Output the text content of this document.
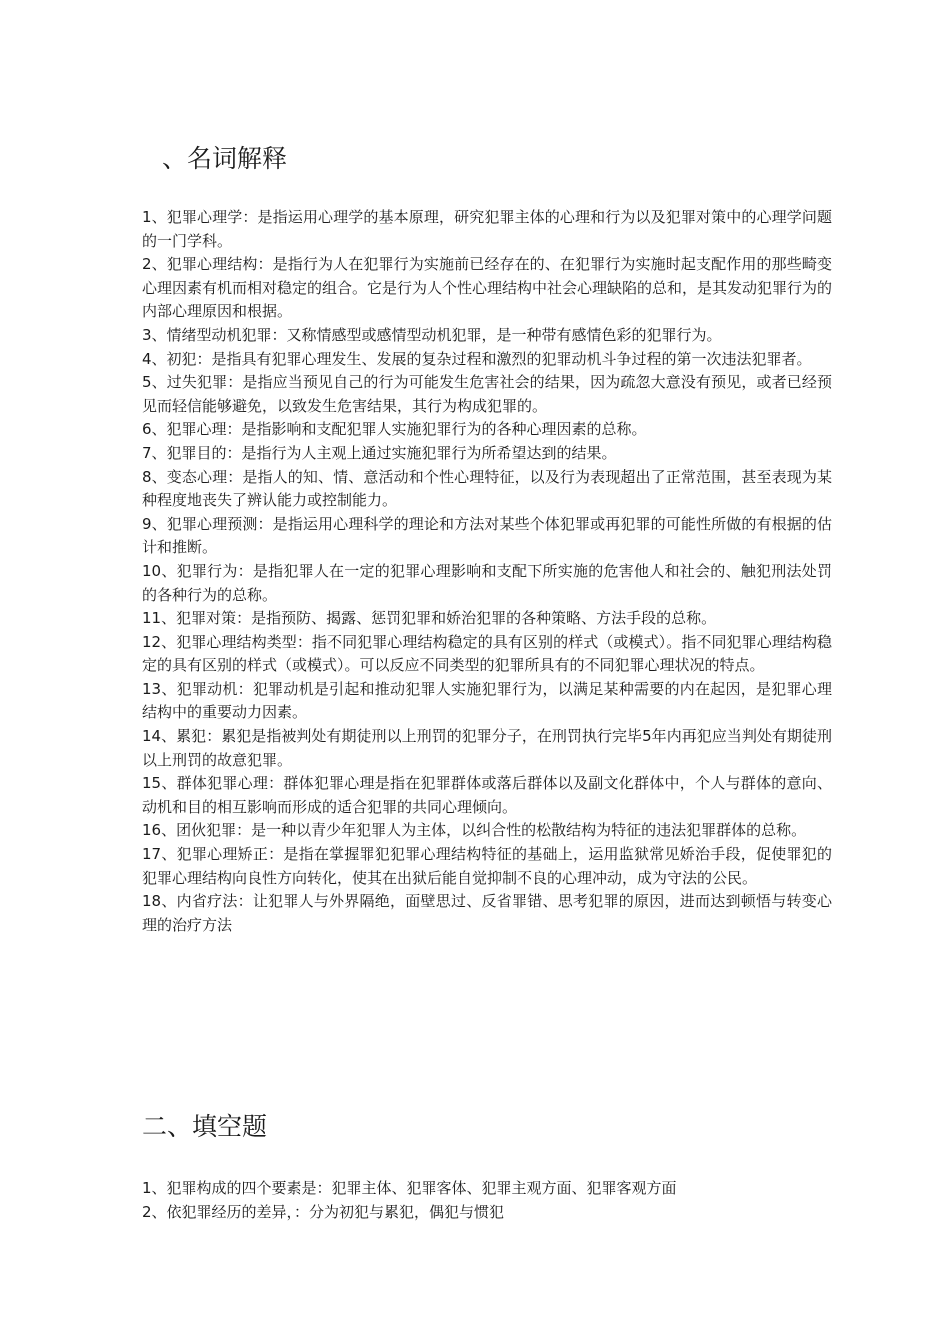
、名词解释

1、犯罪心理学：是指运用心理学的基本原理，研究犯罪主体的心理和行为以及犯罪对策中的心理学问题的一门学科。

2、犯罪心理结构：是指行为人在犯罪行为实施前已经存在的、在犯罪行为实施时起支配作用的那些畸变心理因素有机而相对稳定的组合。它是行为人个性心理结构中社会心理缺陷的总和，是其发动犯罪行为的内部心理原因和根据。

3、情绪型动机犯罪：又称情感型或感情型动机犯罪，是一种带有感情色彩的犯罪行为。

4、初犯：是指具有犯罪心理发生、发展的复杂过程和激烈的犯罪动机斗争过程的第一次违法犯罪者。

5、过失犯罪：是指应当预见自己的行为可能发生危害社会的结果，因为疏忽大意没有预见，或者已经预见而轻信能够避免，以致发生危害结果，其行为构成犯罪的。

6、犯罪心理：是指影响和支配犯罪人实施犯罪行为的各种心理因素的总称。

7、犯罪目的：是指行为人主观上通过实施犯罪行为所希望达到的结果。

8、变态心理：是指人的知、情、意活动和个性心理特征，以及行为表现超出了正常范围，甚至表现为某种程度地丧失了辨认能力或控制能力。

9、犯罪心理预测：是指运用心理科学的理论和方法对某些个体犯罪或再犯罪的可能性所做的有根据的估计和推断。

10、犯罪行为：是指犯罪人在一定的犯罪心理影响和支配下所实施的危害他人和社会的、触犯刑法处罚的各种行为的总称。

11、犯罪对策：是指预防、揭露、惩罚犯罪和娇治犯罪的各种策略、方法手段的总称。

12、犯罪心理结构类型：指不同犯罪心理结构稳定的具有区别的样式（或模式）。指不同犯罪心理结构稳定的具有区别的样式（或模式）。可以反应不同类型的犯罪所具有的不同犯罪心理状况的特点。

13、犯罪动机：犯罪动机是引起和推动犯罪人实施犯罪行为，以满足某种需要的内在起因，是犯罪心理结构中的重要动力因素。

14、累犯：累犯是指被判处有期徒刑以上刑罚的犯罪分子，在刑罚执行完毕5年内再犯应当判处有期徒刑以上刑罚的故意犯罪。

15、群体犯罪心理：群体犯罪心理是指在犯罪群体或落后群体以及副文化群体中，个人与群体的意向、动机和目的相互影响而形成的适合犯罪的共同心理倾向。

16、团伙犯罪：是一种以青少年犯罪人为主体，以纠合性的松散结构为特征的违法犯罪群体的总称。

17、犯罪心理矫正：是指在掌握罪犯犯罪心理结构特征的基础上，运用监狱常见娇治手段，促使罪犯的犯罪心理结构向良性方向转化，使其在出狱后能自觉抑制不良的心理冲动，成为守法的公民。

18、内省疗法：让犯罪人与外界隔绝，面壁思过、反省罪错、思考犯罪的原因，进而达到顿悟与转变心理的治疗方法

二、填空题

1、犯罪构成的四个要素是：犯罪主体、犯罪客体、犯罪主观方面、犯罪客观方面

2、依犯罪经历的差异，：分为初犯与累犯，偶犯与惯犯
